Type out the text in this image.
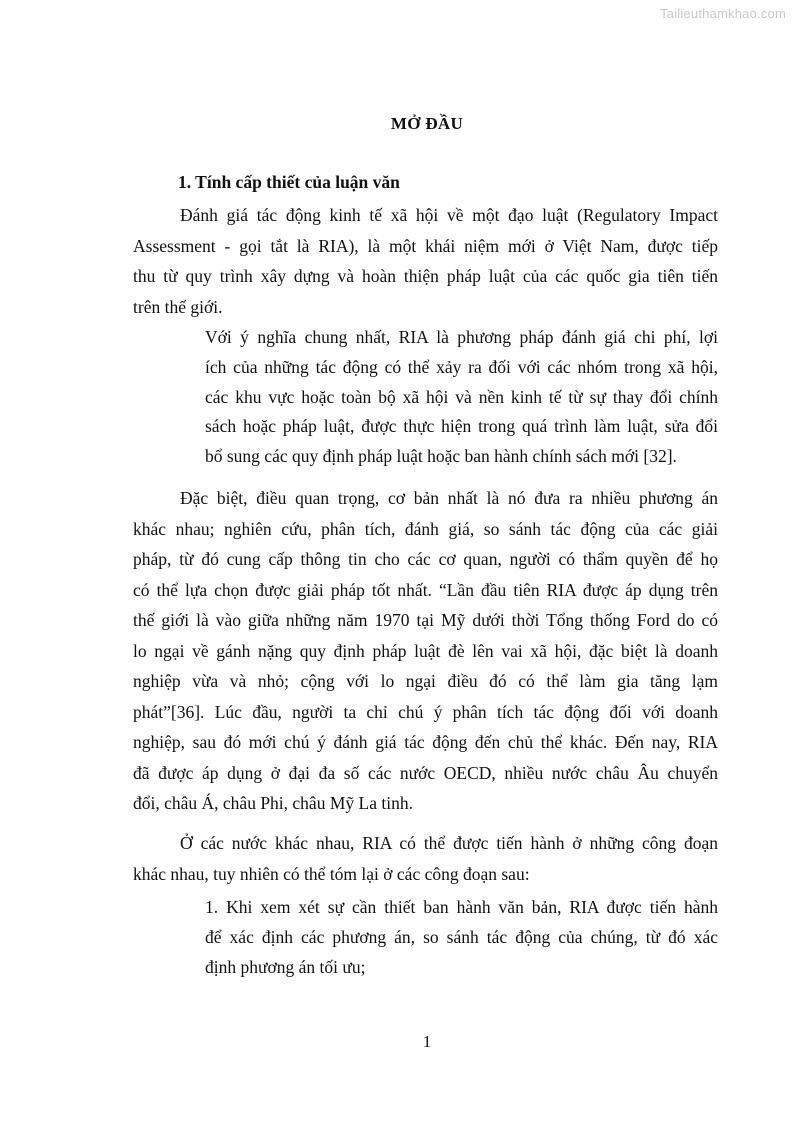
Tailieuthamkhao.com
MỞ ĐẦU
1. Tính cấp thiết của luận văn
Đánh giá tác động kinh tế xã hội về một đạo luật (Regulatory Impact
Assessment - gọi tắt là RIA), là một khái niệm mới ở Việt Nam, được tiếp
thu từ quy trình xây dựng và hoàn thiện pháp luật của các quốc gia tiên tiến
trên thế giới.
Với ý nghĩa chung nhất, RIA là phương pháp đánh giá chi phí, lợi
ích của những tác động có thể xảy ra đối với các nhóm trong xã hội,
các khu vực hoặc toàn bộ xã hội và nền kinh tế từ sự thay đổi chính
sách hoặc pháp luật, được thực hiện trong quá trình làm luật, sửa đổi
bổ sung các quy định pháp luật hoặc ban hành chính sách mới [32].
Đặc biệt, điều quan trọng, cơ bản nhất là nó đưa ra nhiều phương án
khác nhau; nghiên cứu, phân tích, đánh giá, so sánh tác động của các giải
pháp, từ đó cung cấp thông tin cho các cơ quan, người có thẩm quyền để họ
có thể lựa chọn được giải pháp tốt nhất. “Lần đầu tiên RIA được áp dụng trên
thế giới là vào giữa những năm 1970 tại Mỹ dưới thời Tổng thống Ford do có
lo ngại về gánh nặng quy định pháp luật đè lên vai xã hội, đặc biệt là doanh
nghiệp vừa và nhỏ; cộng với lo ngại điều đó có thể làm gia tăng lạm
phát”[36]. Lúc đầu, người ta chỉ chú ý phân tích tác động đối với doanh
nghiệp, sau đó mới chú ý đánh giá tác động đến chủ thể khác. Đến nay, RIA
đã được áp dụng ở đại đa số các nước OECD, nhiều nước châu Âu chuyển
đổi, châu Á, châu Phi, châu Mỹ La tinh.
Ở các nước khác nhau, RIA có thể được tiến hành ở những công đoạn
khác nhau, tuy nhiên có thể tóm lại ở các công đoạn sau:
1. Khi xem xét sự cần thiết ban hành văn bản, RIA được tiến hành
để xác định các phương án, so sánh tác động của chúng, từ đó xác
định phương án tối ưu;
1
